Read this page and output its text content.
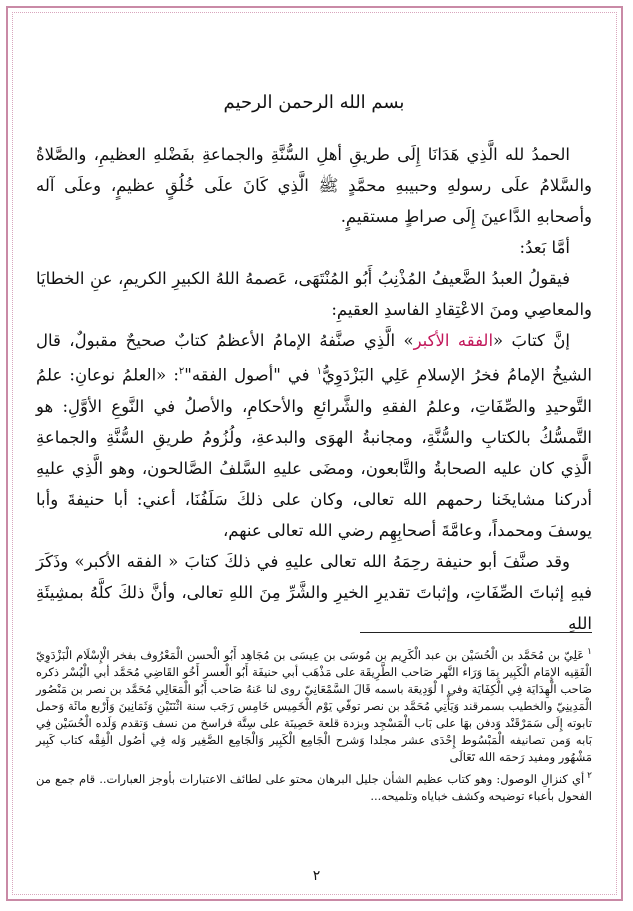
بسم الله الرحمن الرحيم

الحمدُ لله الَّذِي هَدَانَا إِلَى طريقِ أهلِ السُّنَّةِ والجماعةِ بفَضْلهِ العظيمِ، والصَّلاةُ والسَّلامُ علَى رسولهِ وحبيبهِ محمَّدٍ ﷺ الَّذِي كَانَ علَى خُلُقٍ عظيمٍ، وعلَى آله وأصحابهِ الدَّاعينَ إِلَى صراطٍ مستقيمٍ.

أمَّا بَعدُ:

فيقولُ العبدُ الضَّعيفُ المُذْنِبُ أَبُو المُنْتَهَى، عَصمهُ اللهُ الكبيرِ الكريمِ، عنِ الخطايَا والمعاصِي ومنَ الاعْتِقادِ الفاسدِ العقيمِ:

إنَّ كتابَ «الفقه الأكبر» الَّذِي صنَّفهُ الإمامُ الأعظمُ كتابٌ صحيحٌ مقبولٌ، قال الشيخُ الإمامُ فخرُ الإسلامِ عَلِي البَزْدَوِيُّ$^١$ في "أصول الفقه"$^٢$: «العلمُ نوعانِ: علمُ التَّوحيدِ والصِّفَاتِ، وعلمُ الفقهِ والشَّرائعِ والأحكامِ، والأصلُ في النَّوعِ الأوَّلِ: هو التَّمسُّكُ بالكتابِ والسُّنَّةِ، ومجانبةُ الهوَى والبدعةِ، ولُزُومُ طريقِ السُّنَّةِ والجماعةِ الَّذِي كان عليه الصحابةُ والتَّابعون، ومضَى عليهِ السَّلفُ الصَّالحون، وهو الَّذِي عليهِ أدركنا مشايخَنا رحمهم الله تعالى، وكان على ذلكَ سَلَفُنَا، أعني: أبا حنيفةَ وأبا يوسفَ ومحمداً، وعامَّةَ أصحابِهِم رضي الله تعالى عنهم،

وقد صنَّفَ أبو حنيفة رحِمَهُ الله تعالى عليهِ في ذلكَ كتابَ « الفقه الأكبر» وذَكَرَ فيهِ إثباتَ الصِّفَاتِ، وإثباتَ تقديرِ الخيرِ والشَّرِّ مِنَ اللهِ تعالى، وأنَّ ذلكَ كلَّهُ بمشِيئَةِ اللهِ

$^١$عَلِيّ بن مُحَمَّد بن الْحُسَيْن بن عبد الْكَرِيم بن مُوسَى بن عِيسَى بن مُجَاهِد أَبُو الْحسن الْمَعْرُوف بفخر الْإِسْلَام الْبَزْدَوِيّ الْفَقِيه الإِمَام الْكَبِير بِمَا وَرَاء النَّهر صَاحب الطَّرِيقَة على مَذْهَب أبي حنيفَة أَبُو الْعسر أَخُو القَاضِي مُحَمَّد أبي الْيُسْر ذكره صَاحب الْهِدَايَة فِي الْكِفَايَة وفي ا لْوَدِيعَة باسمه قَالَ السَّمْعَانِيّ روى لنا عَنهُ صَاحب أَبُو الْمَعَالِي مُحَمَّد بن نصر بن مَنْصُور الْمَدِينِيّ والخطيب بسمرقند وَيَأْتِي مُحَمَّد بن نصر توفّي يَوْم الْخَمِيس خَامِس رَجَب سنة اثْنَتَيْنِ وَثَمَانِينَ وَأَرْبع مائَة وَحمل تابوته إِلَى سَمَرْقَنْد وَدفن بهَا على بَاب الْمَسْجِد وبزدة قلعة حَصِينَة على سِتَّة فراسخ من نسف وَتقدم وَلَده الْحُسَيْن فِي بَابه وَمن تصانيفه الْمَبْسُوط إِحْدَى عشر مجلدا وَشرح الْجَامِع الْكَبِير وَالْجَامِع الصَّغِير وَله فِي أصُول الْفِقْه كتاب كَبِير مَشْهُور ومفيد رَحمَه الله تَعَالَى

$^٢$أي كنزالِ الوصول: وهو كتاب عظيم الشأن جليل البرهان محتو على لطائف الاعتبارات بأوجز العبارات.. قام جمع من الفحول بأعباء توضيحه وكشف خباياه وتلميحه...

٢
